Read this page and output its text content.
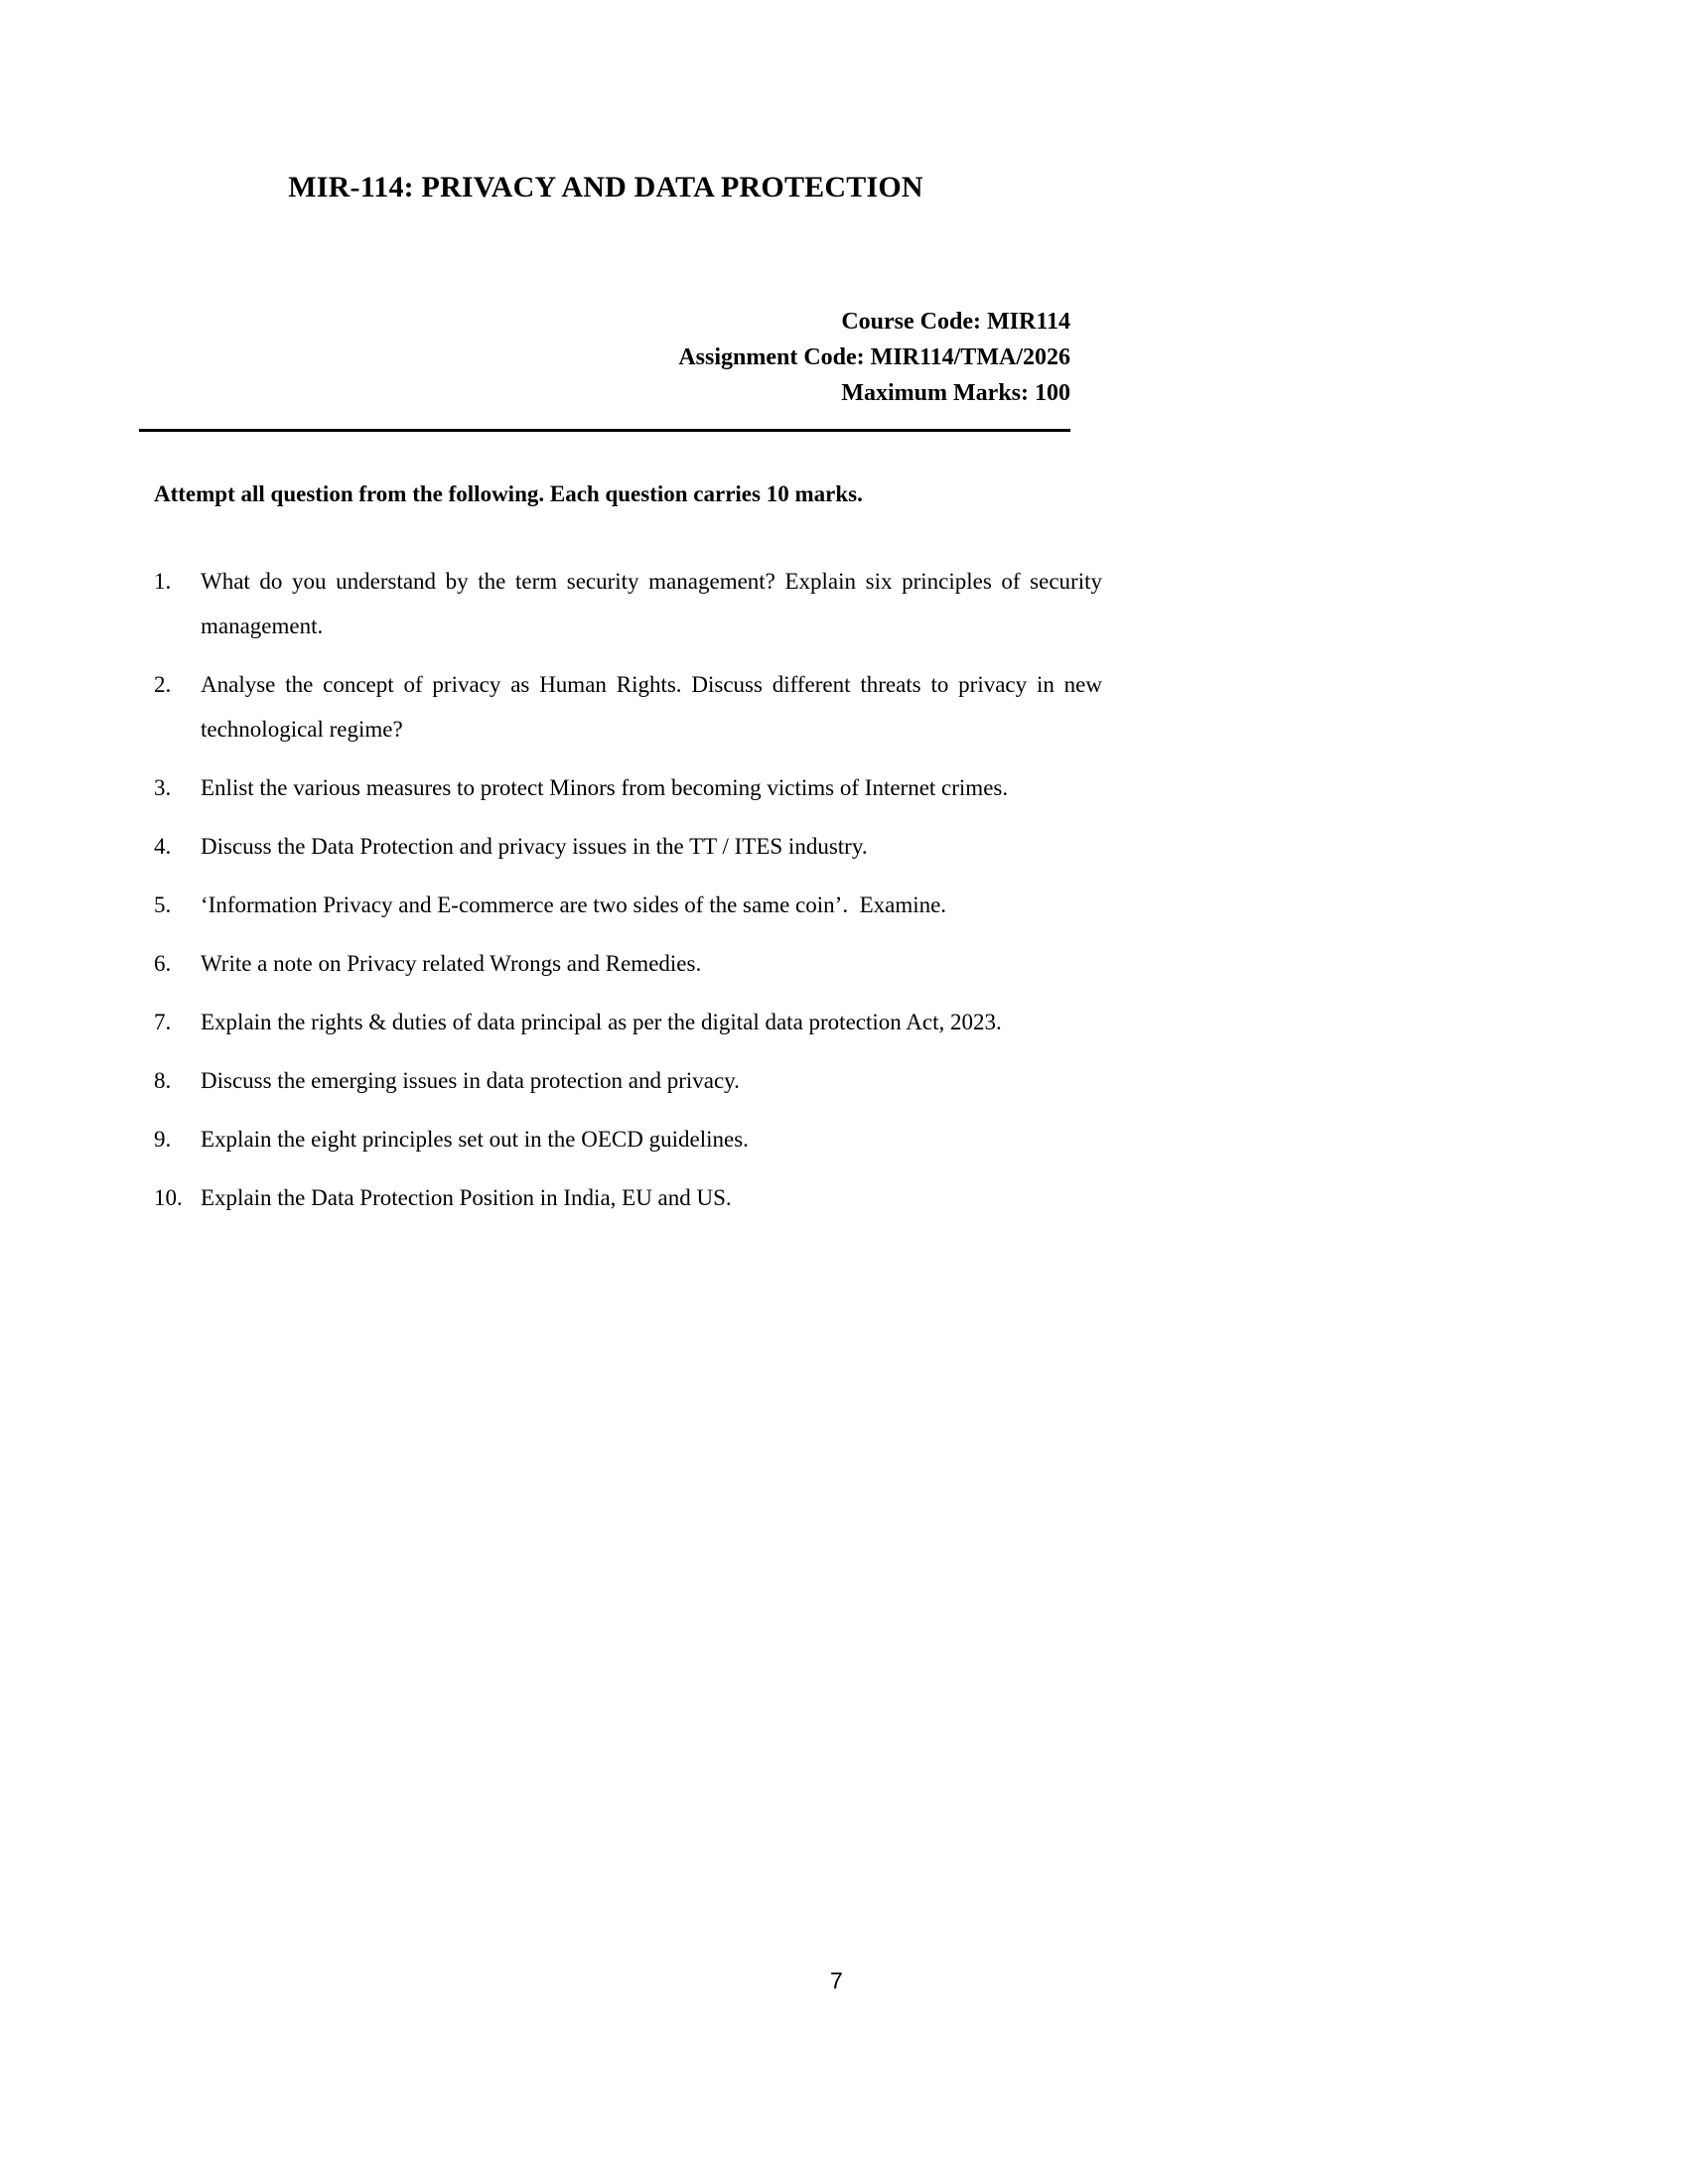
MIR-114: PRIVACY AND DATA PROTECTION
Course Code: MIR114
Assignment Code: MIR114/TMA/2026
Maximum Marks: 100
Attempt all question from the following. Each question carries 10 marks.
1.	What do you understand by the term security management? Explain six principles of security management.
2.	Analyse the concept of privacy as Human Rights. Discuss different threats to privacy in new technological regime?
3.	Enlist the various measures to protect Minors from becoming victims of Internet crimes.
4.	Discuss the Data Protection and privacy issues in the TT / ITES industry.
5.	‘Information Privacy and E-commerce are two sides of the same coin’.  Examine.
6.	Write a note on Privacy related Wrongs and Remedies.
7.	Explain the rights & duties of data principal as per the digital data protection Act, 2023.
8.	Discuss the emerging issues in data protection and privacy.
9.	Explain the eight principles set out in the OECD guidelines.
10. Explain the Data Protection Position in India, EU and US.
7
